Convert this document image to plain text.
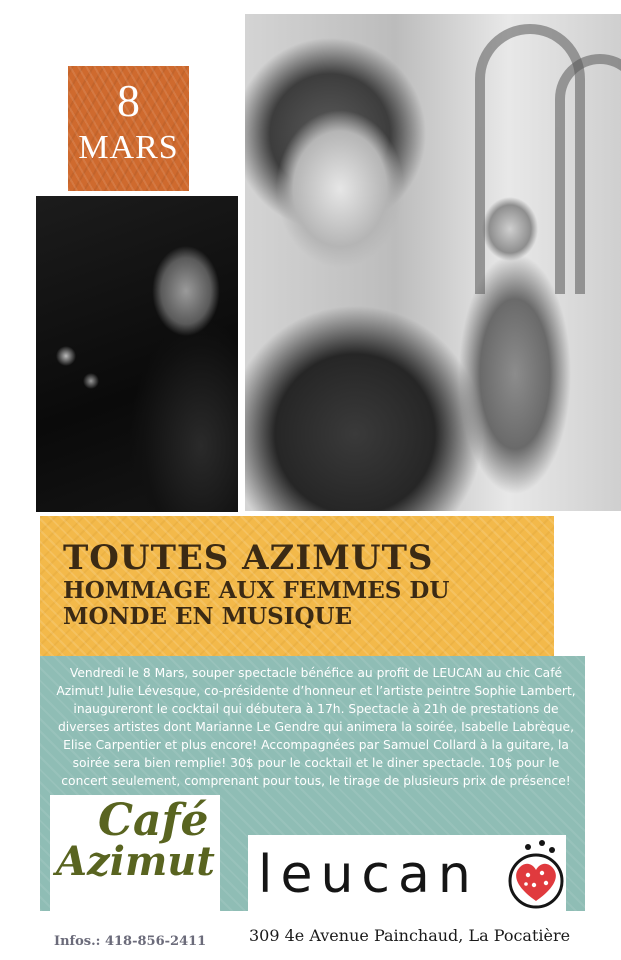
8
MARS
TOUTES AZIMUTS
HOMMAGE AUX FEMMES DU
MONDE EN MUSIQUE

Vendredi le 8 Mars, souper spectacle bénéfice au profit de LEUCAN au chic Café Azimut! Julie Lévesque, co-présidente d’honneur et l’artiste peintre Sophie Lambert, inaugureront le cocktail qui débutera à 17h. Spectacle à 21h de prestations de diverses artistes dont Marianne Le Gendre qui animera la soirée, Isabelle Labrèque, Elise Carpentier et plus encore! Accompagnées par Samuel Collard à la guitare, la soirée sera bien remplie! 30$ pour le cocktail et le diner spectacle. 10$ pour le concert seulement, comprenant pour tous, le tirage de plusieurs prix de présence!

Café
Azimut leucan
Infos.: 418-856-2411	309 4e Avenue Painchaud, La Pocatière
